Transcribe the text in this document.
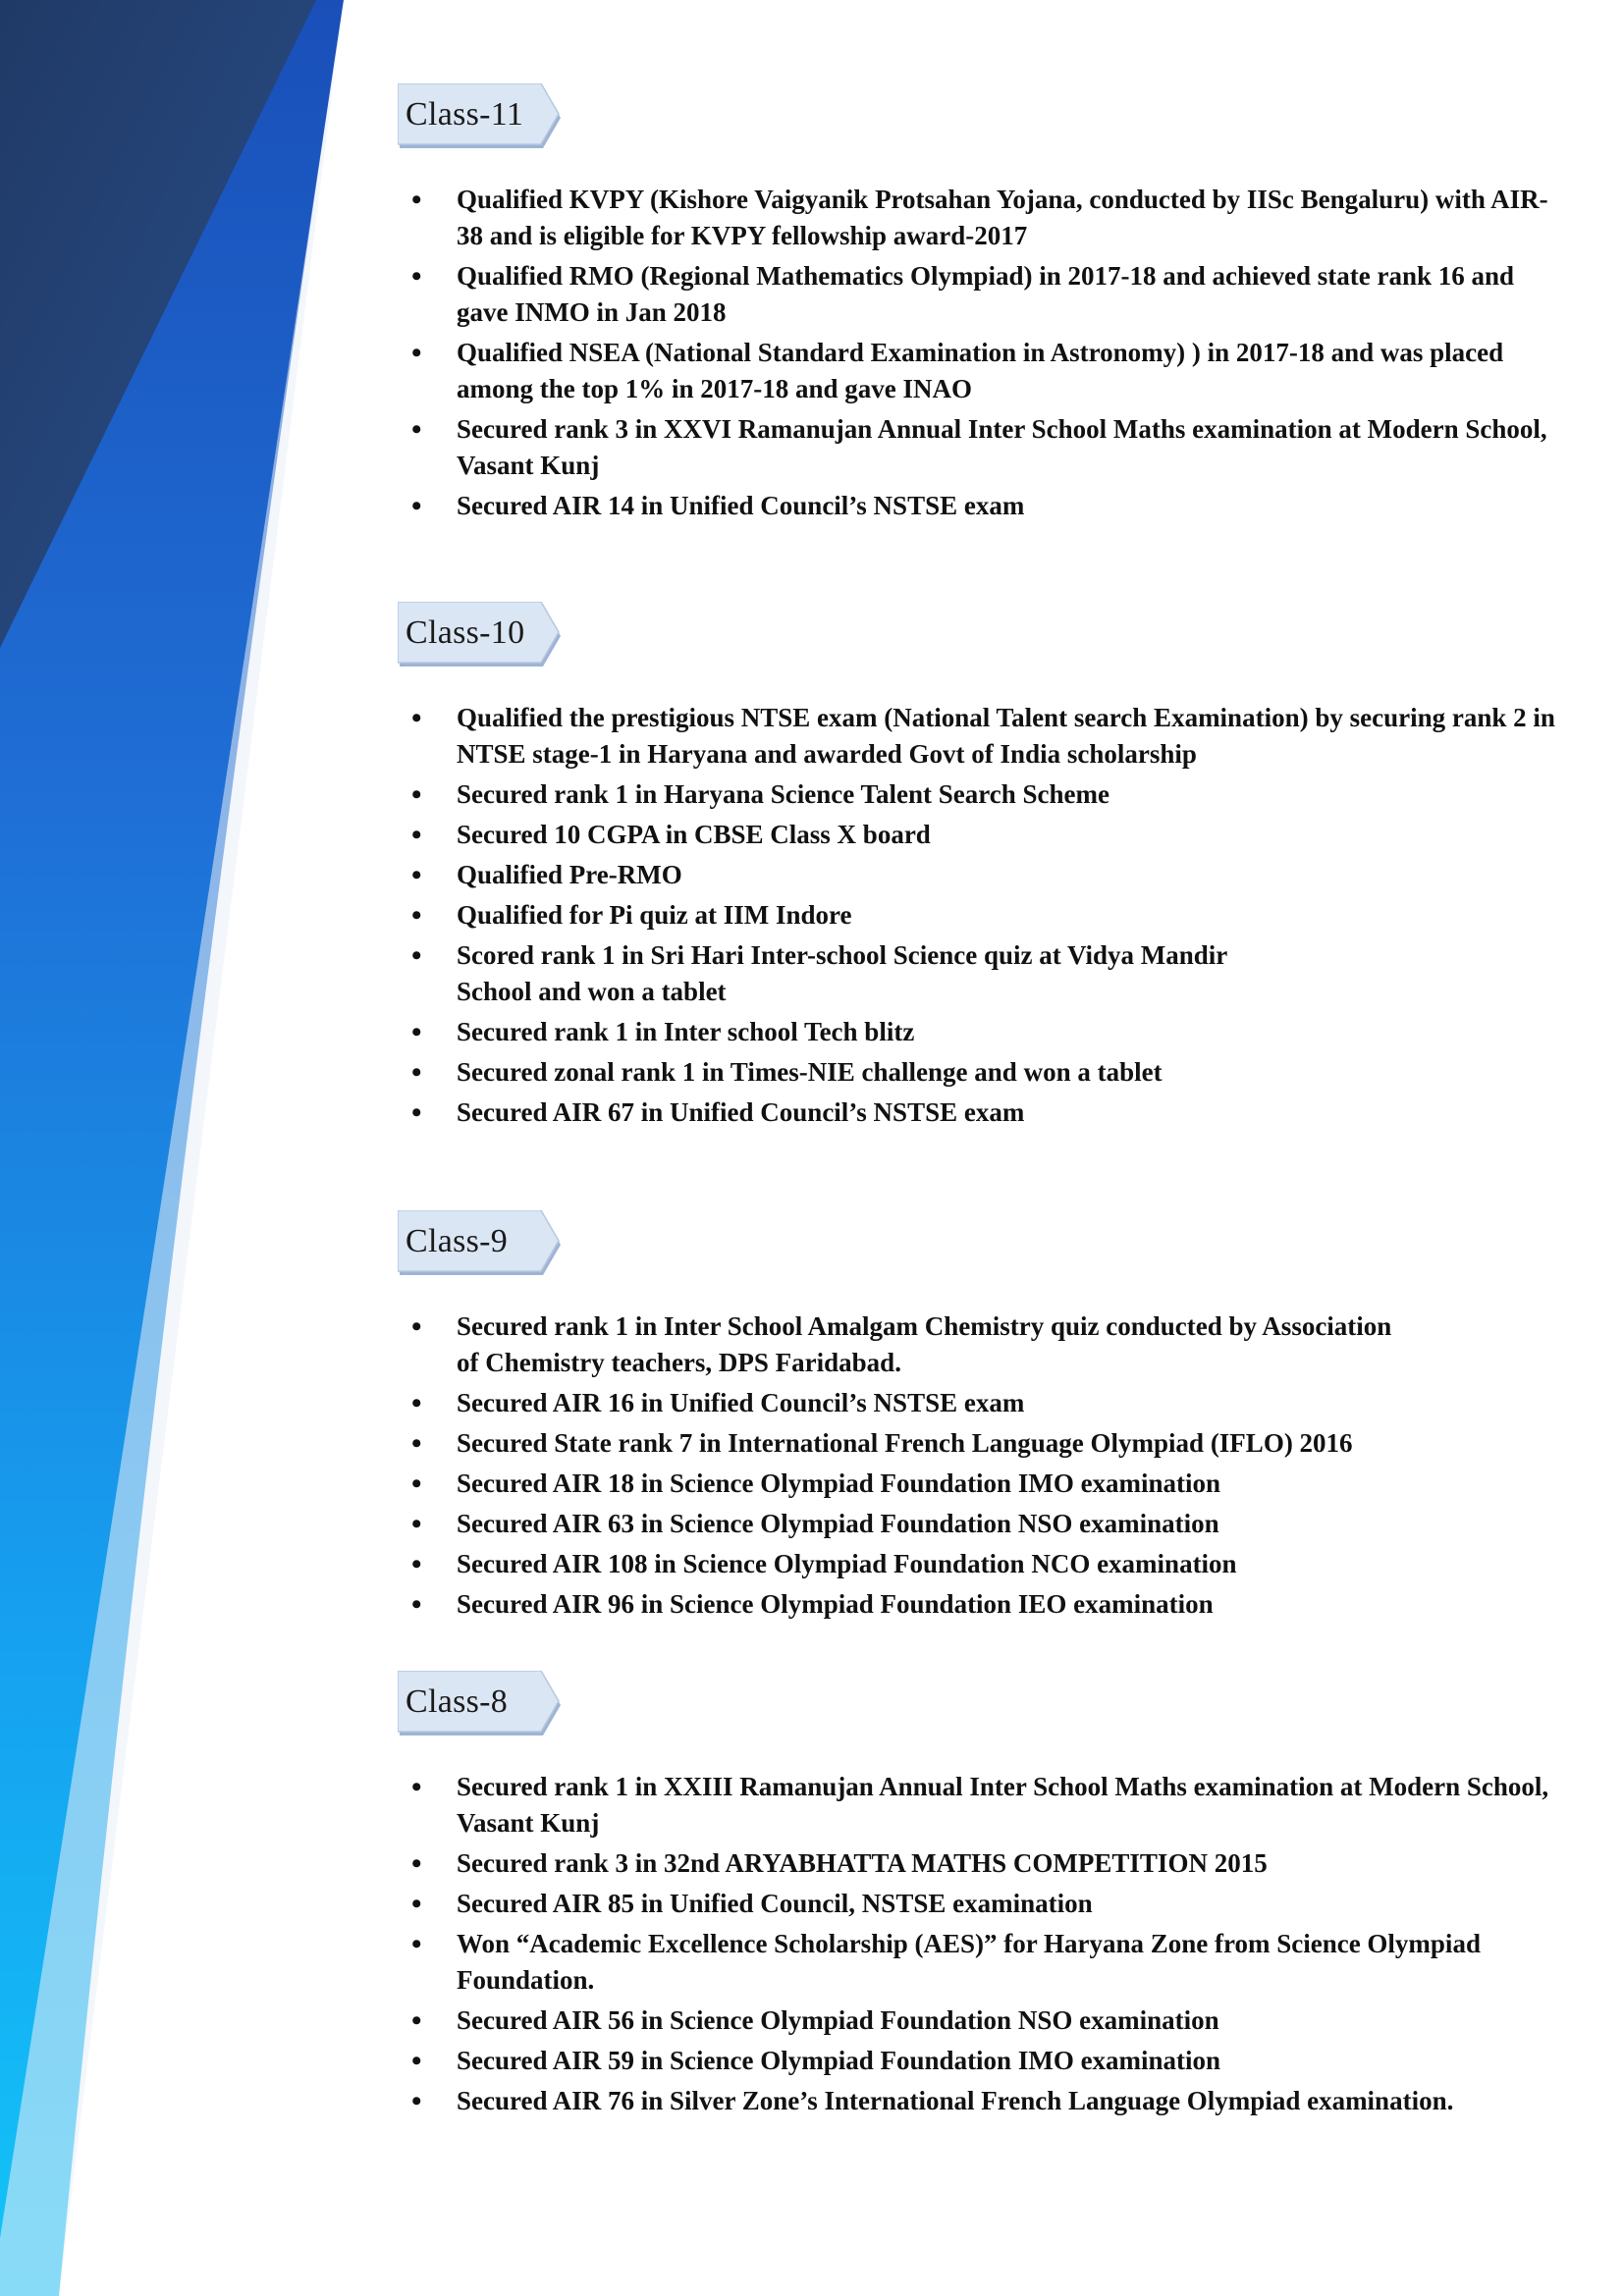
Class-11
• Qualified KVPY (Kishore Vaigyanik Protsahan Yojana, conducted by IISc Bengaluru) with AIR-38 and is eligible for KVPY fellowship award-2017
• Qualified RMO (Regional Mathematics Olympiad) in 2017-18 and achieved state rank 16 and gave INMO in Jan 2018
• Qualified NSEA (National Standard Examination in Astronomy) ) in 2017-18 and was placed among the top 1% in 2017-18 and gave INAO
• Secured rank 3 in XXVI Ramanujan Annual Inter School Maths examination at Modern School, Vasant Kunj
• Secured AIR 14 in Unified Council’s NSTSE exam
Class-10
• Qualified the prestigious NTSE exam (National Talent search Examination) by securing rank 2 in NTSE stage-1 in Haryana and awarded Govt of India scholarship
• Secured rank 1 in Haryana Science Talent Search Scheme
• Secured 10 CGPA in CBSE Class X board
• Qualified Pre-RMO
• Qualified for Pi quiz at IIM Indore
• Scored rank 1 in Sri Hari Inter-school Science quiz at Vidya Mandir School and won a tablet
• Secured rank 1 in Inter school Tech blitz
• Secured zonal rank 1 in Times-NIE challenge and won a tablet
• Secured AIR 67 in Unified Council’s NSTSE exam
Class-9
• Secured rank 1 in Inter School Amalgam Chemistry quiz conducted by Association of Chemistry teachers, DPS Faridabad.
• Secured AIR 16 in Unified Council’s NSTSE exam
• Secured State rank 7 in International French Language Olympiad (IFLO) 2016
• Secured AIR 18 in Science Olympiad Foundation IMO examination
• Secured AIR 63 in Science Olympiad Foundation NSO examination
• Secured AIR 108 in Science Olympiad Foundation NCO examination
• Secured AIR 96 in Science Olympiad Foundation IEO examination
Class-8
• Secured rank 1 in XXIII Ramanujan Annual Inter School Maths examination at Modern School, Vasant Kunj
• Secured rank 3 in 32nd ARYABHATTA MATHS COMPETITION 2015
• Secured AIR 85 in Unified Council, NSTSE examination
• Won “Academic Excellence Scholarship (AES)” for Haryana Zone from Science Olympiad Foundation.
• Secured AIR 56 in Science Olympiad Foundation NSO examination
• Secured AIR 59 in Science Olympiad Foundation IMO examination
• Secured AIR 76 in Silver Zone’s International French Language Olympiad examination.
